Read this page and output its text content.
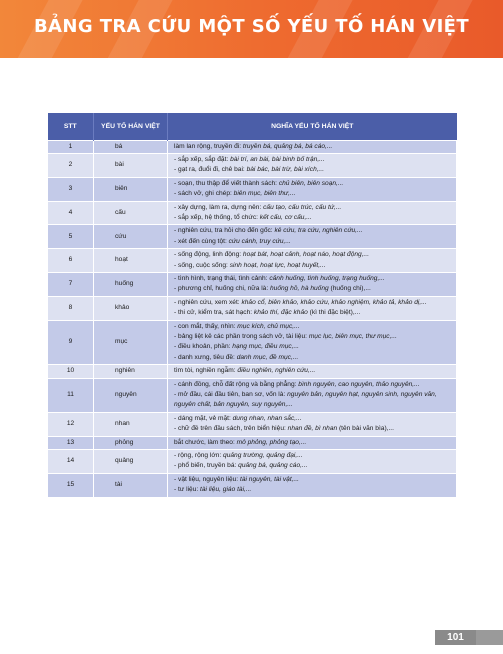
BẢNG TRA CỨU MỘT SỐ YẾU TỐ HÁN VIỆT
STT	YẾU TỐ HÁN VIỆT	NGHĨA YẾU TỐ HÁN VIỆT
1	bá	làm lan rộng, truyền đi: truyền bá, quảng bá, bá cáo,...

2	bài	- sắp xếp, sắp đặt: bài trí, an bài, bài binh bố trận,...
- gạt ra, đuổi đi, chê bai: bài bác, bài trừ, bài xích,...

3	biên	- soạn, thu thập để viết thành sách: chủ biên, biên soạn,...
- sách vở, ghi chép: biên mục, biên thư,...

4	cấu	- xây dựng, làm ra, dựng nên: cấu tạo, cấu trúc, cấu tứ,...
- sắp xếp, hệ thống, tổ chức: kết cấu, cơ cấu,...

5	cứu	- nghiên cứu, tra hỏi cho đến gốc: kê cứu, tra cứu, nghiên cứu,...
- xét đến cùng tột: cứu cánh, truy cứu,...

6	hoạt	- sống động, linh động: hoạt bát, hoạt cảnh, hoạt náo, hoạt động,...
- sống, cuộc sống: sinh hoạt, hoạt lực, hoạt huyết,...

7	huống	- tình hình, trạng thái, tình cảnh: cảnh huống, tình huống, trạng huống,...
- phương chỉ, huống chi, nữa là: huống hồ, hà huống (huống chi),...

8	khảo	- nghiên cứu, xem xét: khảo cổ, biên khảo, khảo cứu, khảo nghiệm, khảo tả, khảo dị,...
- thi cử, kiểm tra, sát hạch: khảo thí, đặc khảo (kì thi đặc biệt),...

9	mục	- con mắt, thấy, nhìn: mục kích, chủ mục,...
- bảng liệt kê các phần trong sách vở, tài liệu: mục lục, biên mục, thư mục,...
- điều khoản, phần: hạng mục, điều mục,...
- danh xưng, tiêu đề: danh mục, đề mục,...

10	nghiên	tìm tòi, nghiền ngẫm: điều nghiên, nghiên cứu,...

11	nguyên	- cánh đồng, chỗ đất rộng và bằng phẳng: bình nguyên, cao nguyên, thảo nguyên,...
- mở đầu, cái đầu tiên, ban sơ, vốn là: nguyên bản, nguyên hạt, nguyên sinh, nguyên văn,
nguyên chất, bản nguyên, suy nguyên,...

12	nhan	- dáng mặt, vẻ mặt: dung nhan, nhan sắc,...
- chữ đề trên đầu sách, trên biển hiệu: nhan đề, bì nhan (tên bài văn bìa),...

13	phỏng	bắt chước, làm theo: mô phỏng, phỏng tạo,...

14	quảng	- rộng, rộng lớn: quảng trường, quảng đại,...
- phổ biến, truyền bá: quảng bá, quảng cáo,...

15	tài	- vật liệu, nguyên liệu: tài nguyên, tài vật,...
- tư liệu: tài liệu, giáo tài,...
101
